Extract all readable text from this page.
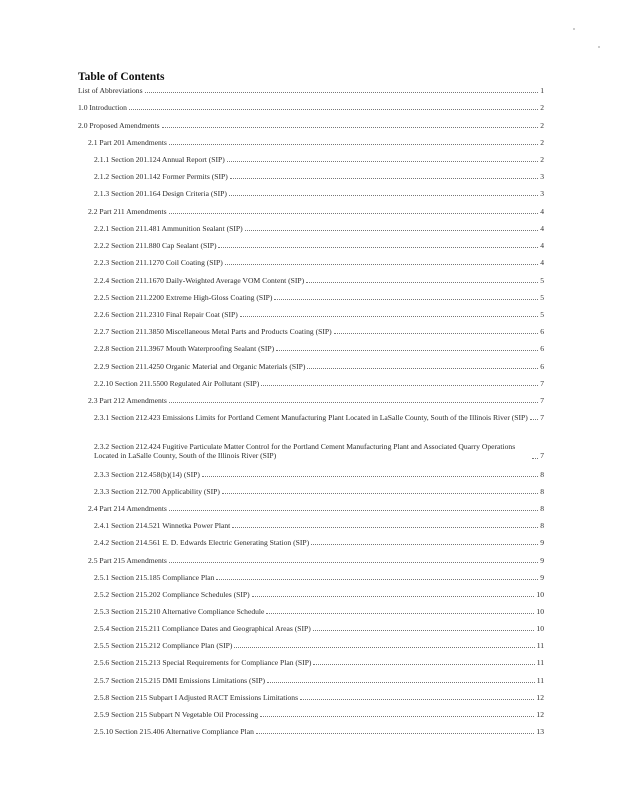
Table of Contents
List of Abbreviations	1
1.0 Introduction	2
2.0 Proposed Amendments	2
2.1 Part 201 Amendments	2
2.1.1 Section 201.124 Annual Report (SIP)	2
2.1.2 Section 201.142 Former Permits (SIP)	3
2.1.3 Section 201.164 Design Criteria (SIP)	3
2.2 Part 211 Amendments	4
2.2.1 Section 211.481 Ammunition Sealant (SIP)	4
2.2.2 Section 211.880 Cap Sealant (SIP)	4
2.2.3 Section 211.1270 Coil Coating (SIP)	4
2.2.4 Section 211.1670 Daily-Weighted Average VOM Content (SIP)	5
2.2.5 Section 211.2200 Extreme High-Gloss Coating (SIP)	5
2.2.6 Section 211.2310 Final Repair Coat (SIP)	5
2.2.7 Section 211.3850 Miscellaneous Metal Parts and Products Coating (SIP)	6
2.2.8 Section 211.3967 Mouth Waterproofing Sealant (SIP)	6
2.2.9 Section 211.4250 Organic Material and Organic Materials (SIP)	6
2.2.10 Section 211.5500 Regulated Air Pollutant (SIP)	7
2.3 Part 212 Amendments	7
2.3.1 Section 212.423 Emissions Limits for Portland Cement Manufacturing Plant Located in LaSalle County, South of the Illinois River (SIP) 7
2.3.2 Section 212.424 Fugitive Particulate Matter Control for the Portland Cement Manufacturing Plant and Associated Quarry Operations Located in LaSalle County, South of the Illinois River (SIP)	7
2.3.3 Section 212.458(b)(14) (SIP)	8
2.3.3 Section 212.700 Applicability (SIP)	8
2.4 Part 214 Amendments	8
2.4.1 Section 214.521 Winnetka Power Plant	8
2.4.2 Section 214.561 E. D. Edwards Electric Generating Station (SIP)	9
2.5 Part 215 Amendments	9
2.5.1 Section 215.185 Compliance Plan	9
2.5.2 Section 215.202 Compliance Schedules (SIP)	10
2.5.3 Section 215.210 Alternative Compliance Schedule	10
2.5.4 Section 215.211 Compliance Dates and Geographical Areas (SIP)	10
2.5.5 Section 215.212 Compliance Plan (SIP)	11
2.5.6 Section 215.213 Special Requirements for Compliance Plan (SIP)	11
2.5.7 Section 215.215 DMI Emissions Limitations (SIP)	11
2.5.8 Section 215 Subpart I Adjusted RACT Emissions Limitations	12
2.5.9 Section 215 Subpart N Vegetable Oil Processing	12
2.5.10 Section 215.406 Alternative Compliance Plan	13
